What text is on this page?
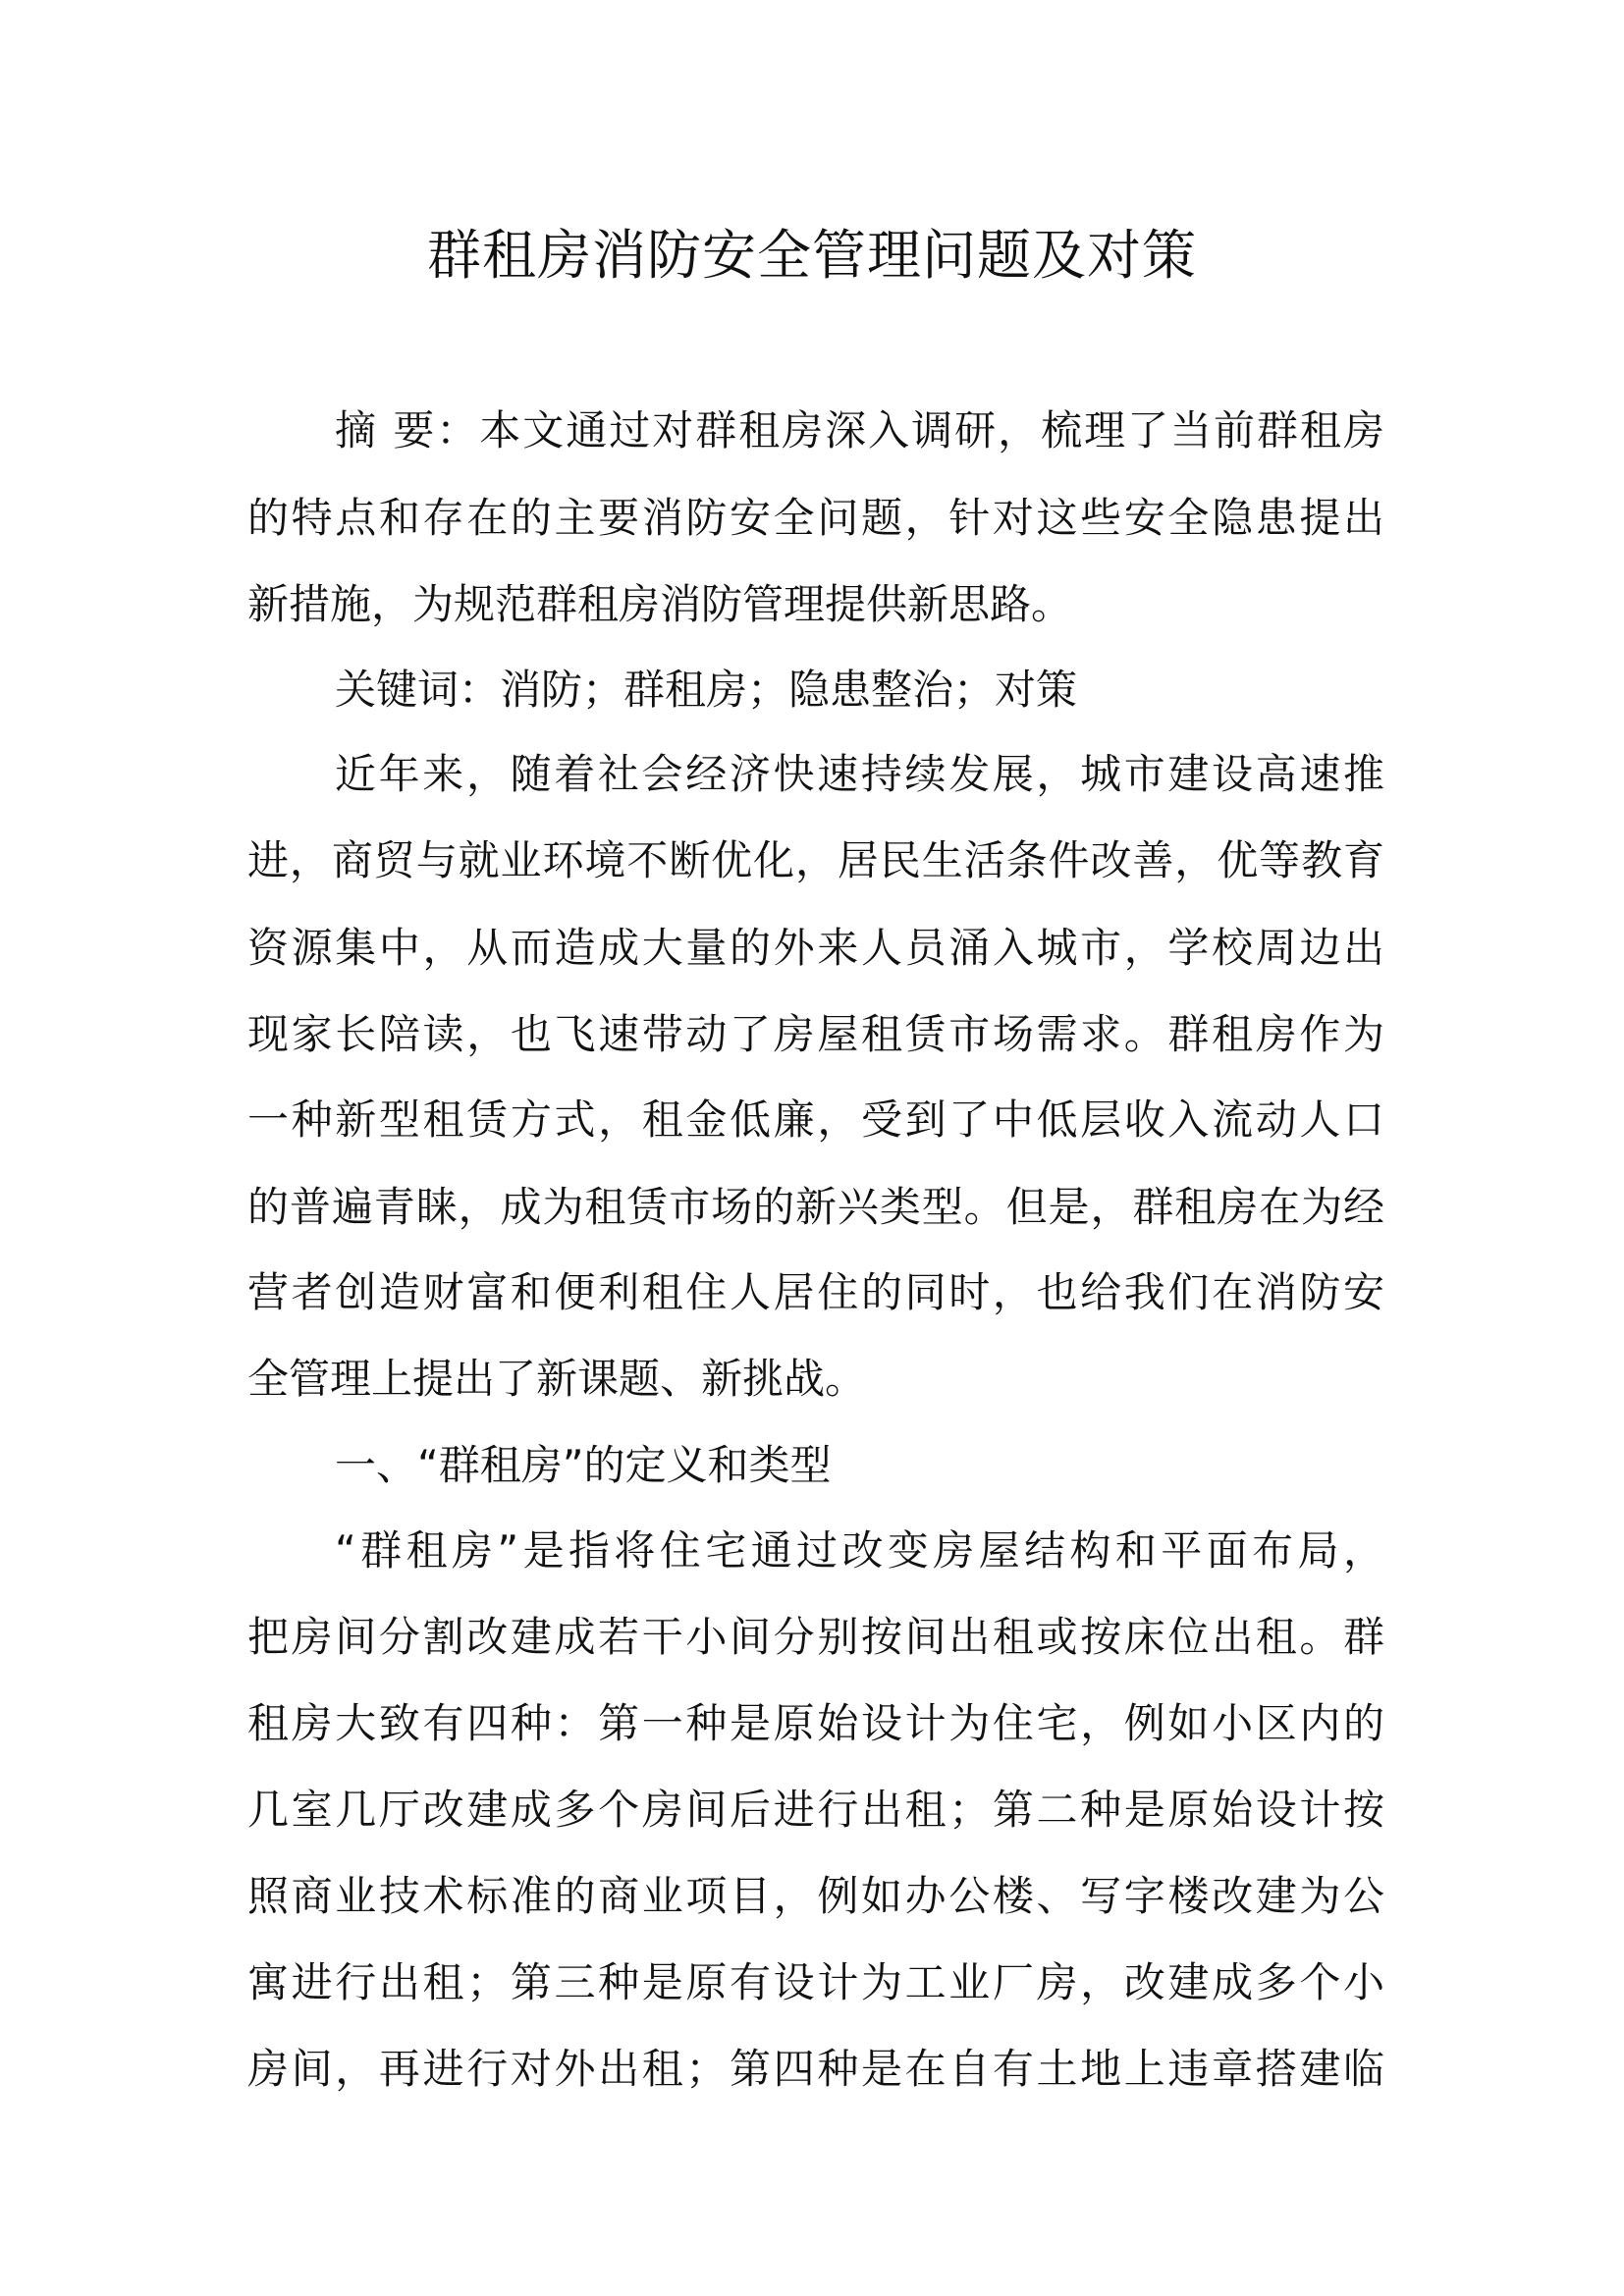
群租房消防安全管理问题及对策
摘 要：本文通过对群租房深入调研，梳理了当前群租房
的特点和存在的主要消防安全问题，针对这些安全隐患提出
新措施，为规范群租房消防管理提供新思路。
关键词：消防；群租房；隐患整治；对策
近年来，随着社会经济快速持续发展，城市建设高速推
进，商贸与就业环境不断优化，居民生活条件改善，优等教育
资源集中，从而造成大量的外来人员涌入城市，学校周边出
现家长陪读，也飞速带动了房屋租赁市场需求。群租房作为
一种新型租赁方式，租金低廉，受到了中低层收入流动人口
的普遍青睐，成为租赁市场的新兴类型。但是，群租房在为经
营者创造财富和便利租住人居住的同时，也给我们在消防安
全管理上提出了新课题、新挑战。
一、“群租房”的定义和类型
“群租房”是指将住宅通过改变房屋结构和平面布局，
把房间分割改建成若干小间分别按间出租或按床位出租。群
租房大致有四种：第一种是原始设计为住宅，例如小区内的
几室几厅改建成多个房间后进行出租；第二种是原始设计按
照商业技术标准的商业项目，例如办公楼、写字楼改建为公
寓进行出租；第三种是原有设计为工业厂房，改建成多个小
房间，再进行对外出租；第四种是在自有土地上违章搭建临
